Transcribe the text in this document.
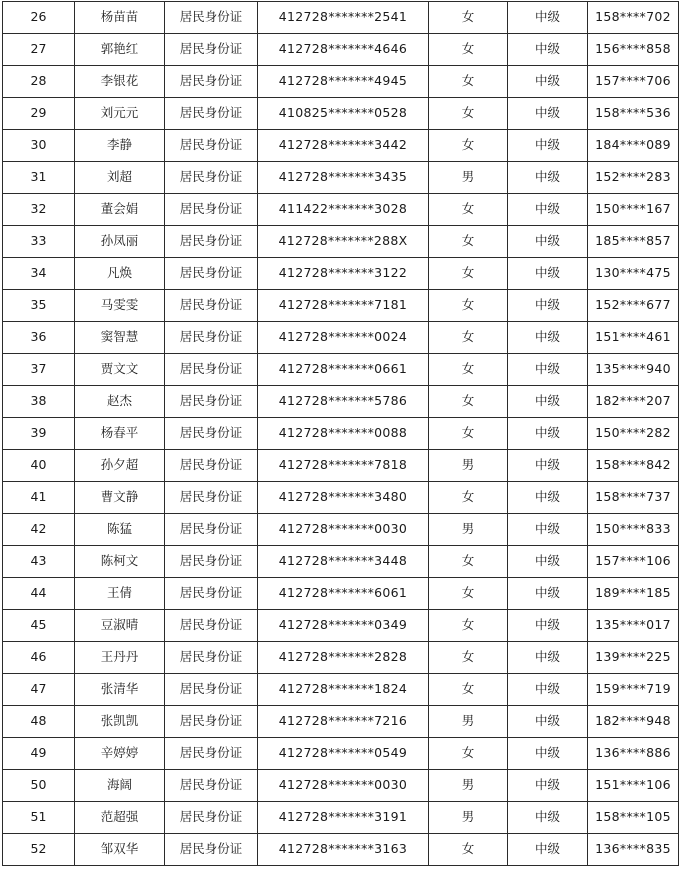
26	杨苗苗	居民身份证	412728*******2541	女	中级	158****702
27	郭艳红	居民身份证	412728*******4646	女	中级	156****858
28	李银花	居民身份证	412728*******4945	女	中级	157****706
29	刘元元	居民身份证	410825*******0528	女	中级	158****536
30	李静	居民身份证	412728*******3442	女	中级	184****089
31	刘超	居民身份证	412728*******3435	男	中级	152****283
32	董会娟	居民身份证	411422*******3028	女	中级	150****167
33	孙凤丽	居民身份证	412728*******288X	女	中级	185****857
34	凡焕	居民身份证	412728*******3122	女	中级	130****475
35	马雯雯	居民身份证	412728*******7181	女	中级	152****677
36	窦智慧	居民身份证	412728*******0024	女	中级	151****461
37	贾文文	居民身份证	412728*******0661	女	中级	135****940
38	赵杰	居民身份证	412728*******5786	女	中级	182****207
39	杨春平	居民身份证	412728*******0088	女	中级	150****282
40	孙夕超	居民身份证	412728*******7818	男	中级	158****842
41	曹文静	居民身份证	412728*******3480	女	中级	158****737
42	陈猛	居民身份证	412728*******0030	男	中级	150****833
43	陈柯文	居民身份证	412728*******3448	女	中级	157****106
44	王倩	居民身份证	412728*******6061	女	中级	189****185
45	豆淑晴	居民身份证	412728*******0349	女	中级	135****017
46	王丹丹	居民身份证	412728*******2828	女	中级	139****225
47	张清华	居民身份证	412728*******1824	女	中级	159****719
48	张凯凯	居民身份证	412728*******7216	男	中级	182****948
49	辛婷婷	居民身份证	412728*******0549	女	中级	136****886
50	海阔	居民身份证	412728*******0030	男	中级	151****106
51	范超强	居民身份证	412728*******3191	男	中级	158****105
52	邹双华	居民身份证	412728*******3163	女	中级	136****835
